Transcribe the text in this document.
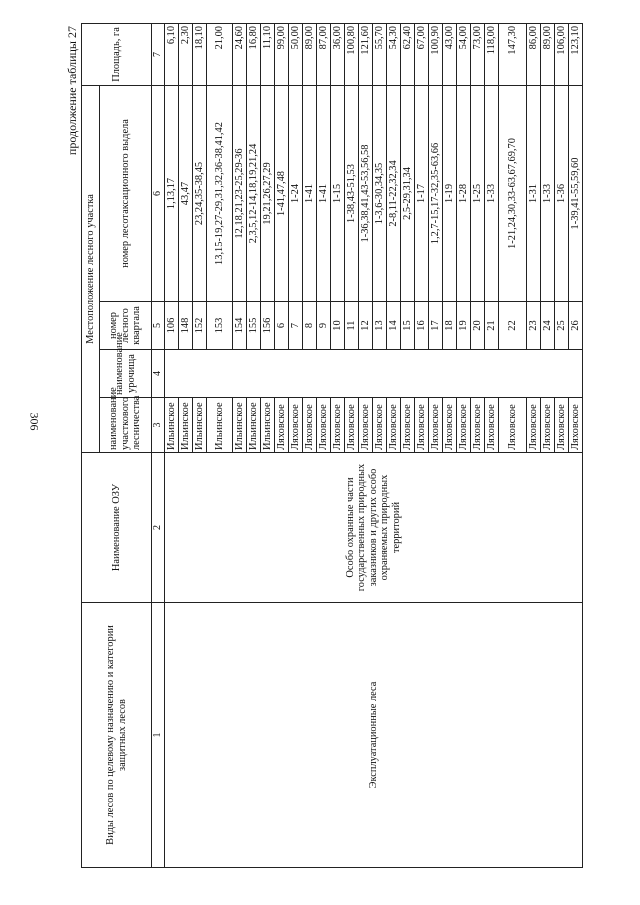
306
продолжение таблицы 27
Виды лесов по целевому назначению и категории защитных лесов	Наименование ОЗУ	Местоположение лесного участка				Площадь, га
		наименование участкового лесничества	наименование урочища	номер лесного квартала	номер лесотаксационного выдела	
1	2	3	4	5	6	7
Эксплуатационные леса	Особо охранные части государственных природных заказников и других особо охраняемых природных территорий	Ильинское		106	1,13,17	6,10
		Ильинское		148	43,47	2,30
		Ильинское		152	23,24,35-38,45	18,10
		Ильинское		153	13,15-19,27-29,31,32,36-38,41,42	21,00
		Ильинское		154	12,18,21,23-25,29-36	24,60
		Ильинское		155	2,3,5,12-14,18,19,21,24	16,80
		Ильинское		156	19,21,26,27,29	11,10
		Ляховское		6	1-41,47,48	99,00
		Ляховское		7	1-24	50,00
		Ляховское		8	1-41	89,00
		Ляховское		9	1-41	87,00
		Ляховское		10	1-15	36,00
		Ляховское		11	1-38,43-51,53	100,80
		Ляховское		12	1-36,38,41,43-53,56,58	121,60
		Ляховское		13	1-3,6-30,34,35	55,70
		Ляховское		14	2-8,11-22,32,34	54,30
		Ляховское		15	2,5-29,31,34	62,40
		Ляховское		16	1-17	67,00
		Ляховское		17	1,2,7-15,17-32,35-63,66	100,90
		Ляховское		18	1-19	43,00
		Ляховское		19	1-28	54,00
		Ляховское		20	1-25	73,00
		Ляховское		21	1-33	118,00
		Ляховское		22	1-21,24,30,33-63,67,69,70	147,30
		Ляховское		23	1-31	86,00
		Ляховское		24	1-33	89,00
		Ляховское		25	1-36	106,00
		Ляховское		26	1-39,41-55,59,60	123,10
